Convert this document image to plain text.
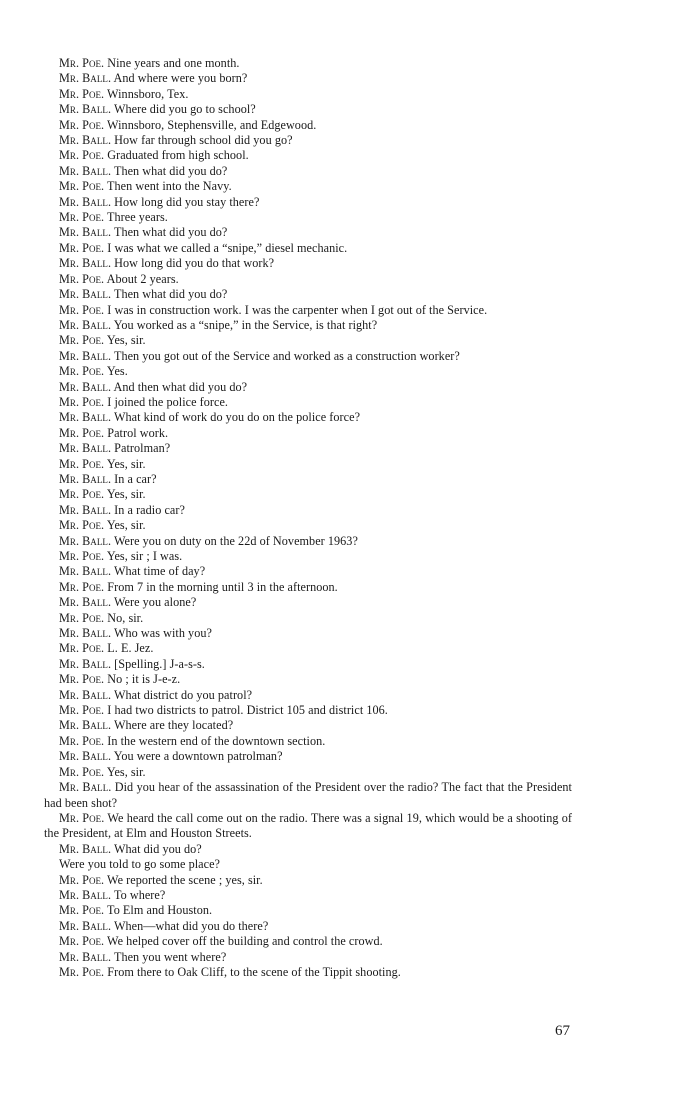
Mr. Poe. Nine years and one month.

Mr. Ball. And where were you born?

Mr. Poe. Winnsboro, Tex.

Mr. Ball. Where did you go to school?

Mr. Poe. Winnsboro, Stephensville, and Edgewood.

Mr. Ball. How far through school did you go?

Mr. Poe. Graduated from high school.

Mr. Ball. Then what did you do?

Mr. Poe. Then went into the Navy.

Mr. Ball. How long did you stay there?

Mr. Poe. Three years.

Mr. Ball. Then what did you do?

Mr. Poe. I was what we called a “snipe,” diesel mechanic.

Mr. Ball. How long did you do that work?

Mr. Poe. About 2 years.

Mr. Ball. Then what did you do?

Mr. Poe. I was in construction work. I was the carpenter when I got out of the Service.

Mr. Ball. You worked as a “snipe,” in the Service, is that right?

Mr. Poe. Yes, sir.

Mr. Ball. Then you got out of the Service and worked as a construction worker?

Mr. Poe. Yes.

Mr. Ball. And then what did you do?

Mr. Poe. I joined the police force.

Mr. Ball. What kind of work do you do on the police force?

Mr. Poe. Patrol work.

Mr. Ball. Patrolman?

Mr. Poe. Yes, sir.

Mr. Ball. In a car?

Mr. Poe. Yes, sir.

Mr. Ball. In a radio car?

Mr. Poe. Yes, sir.

Mr. Ball. Were you on duty on the 22d of November 1963?

Mr. Poe. Yes, sir ; I was.

Mr. Ball. What time of day?

Mr. Poe. From 7 in the morning until 3 in the afternoon.

Mr. Ball. Were you alone?

Mr. Poe. No, sir.

Mr. Ball. Who was with you?

Mr. Poe. L. E. Jez.

Mr. Ball. [Spelling.] J-a-s-s.

Mr. Poe. No ; it is J-e-z.

Mr. Ball. What district do you patrol?

Mr. Poe. I had two districts to patrol. District 105 and district 106.

Mr. Ball. Where are they located?

Mr. Poe. In the western end of the downtown section.

Mr. Ball. You were a downtown patrolman?

Mr. Poe. Yes, sir.

Mr. Ball. Did you hear of the assassination of the President over the radio? The fact that the President had been shot?

Mr. Poe. We heard the call come out on the radio. There was a signal 19, which would be a shooting of the President, at Elm and Houston Streets.

Mr. Ball. What did you do?

Were you told to go some place?

Mr. Poe. We reported the scene ; yes, sir.

Mr. Ball. To where?

Mr. Poe. To Elm and Houston.

Mr. Ball. When—what did you do there?

Mr. Poe. We helped cover off the building and control the crowd.

Mr. Ball. Then you went where?

Mr. Poe. From there to Oak Cliff, to the scene of the Tippit shooting.

67
